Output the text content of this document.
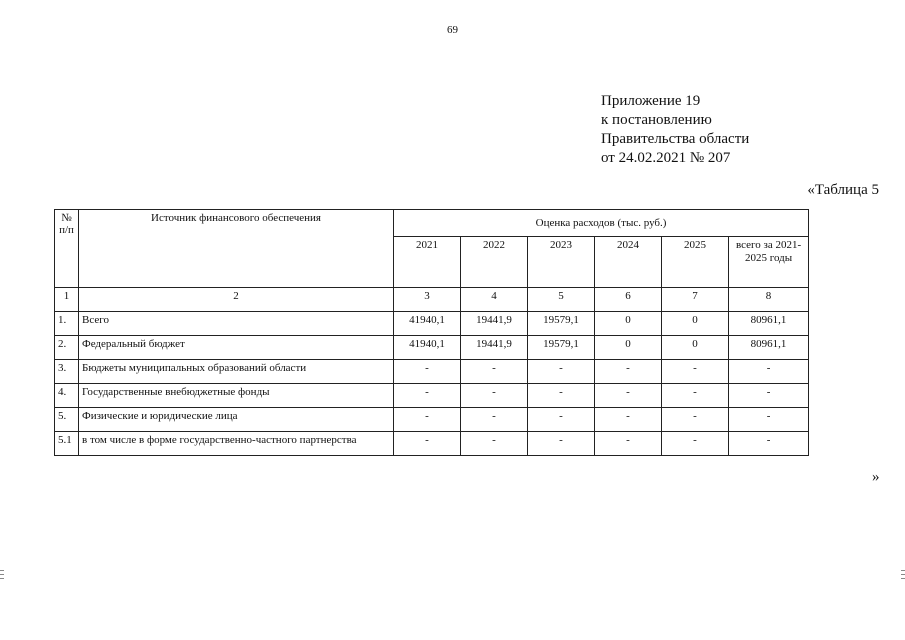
69
Приложение 19
к постановлению
Правительства области
от 24.02.2021 № 207
«Таблица 5
№ п/п	Источник финансового обеспечения	Оценка расходов (тыс. руб.)					
		2021	2022	2023	2024	2025	всего за 2021-2025 годы
1	2	3	4	5	6	7	8
1.	Всего	41940,1	19441,9	19579,1	0	0	80961,1
2.	Федеральный бюджет	41940,1	19441,9	19579,1	0	0	80961,1
3.	Бюджеты муниципальных образований области	-	-	-	-	-	-
4.	Государственные внебюджетные фонды	-	-	-	-	-	-
5.	Физические и юридические лица	-	-	-	-	-	-
5.1	в том числе в форме государственно-частного партнерства	-	-	-	-	-	-
»
